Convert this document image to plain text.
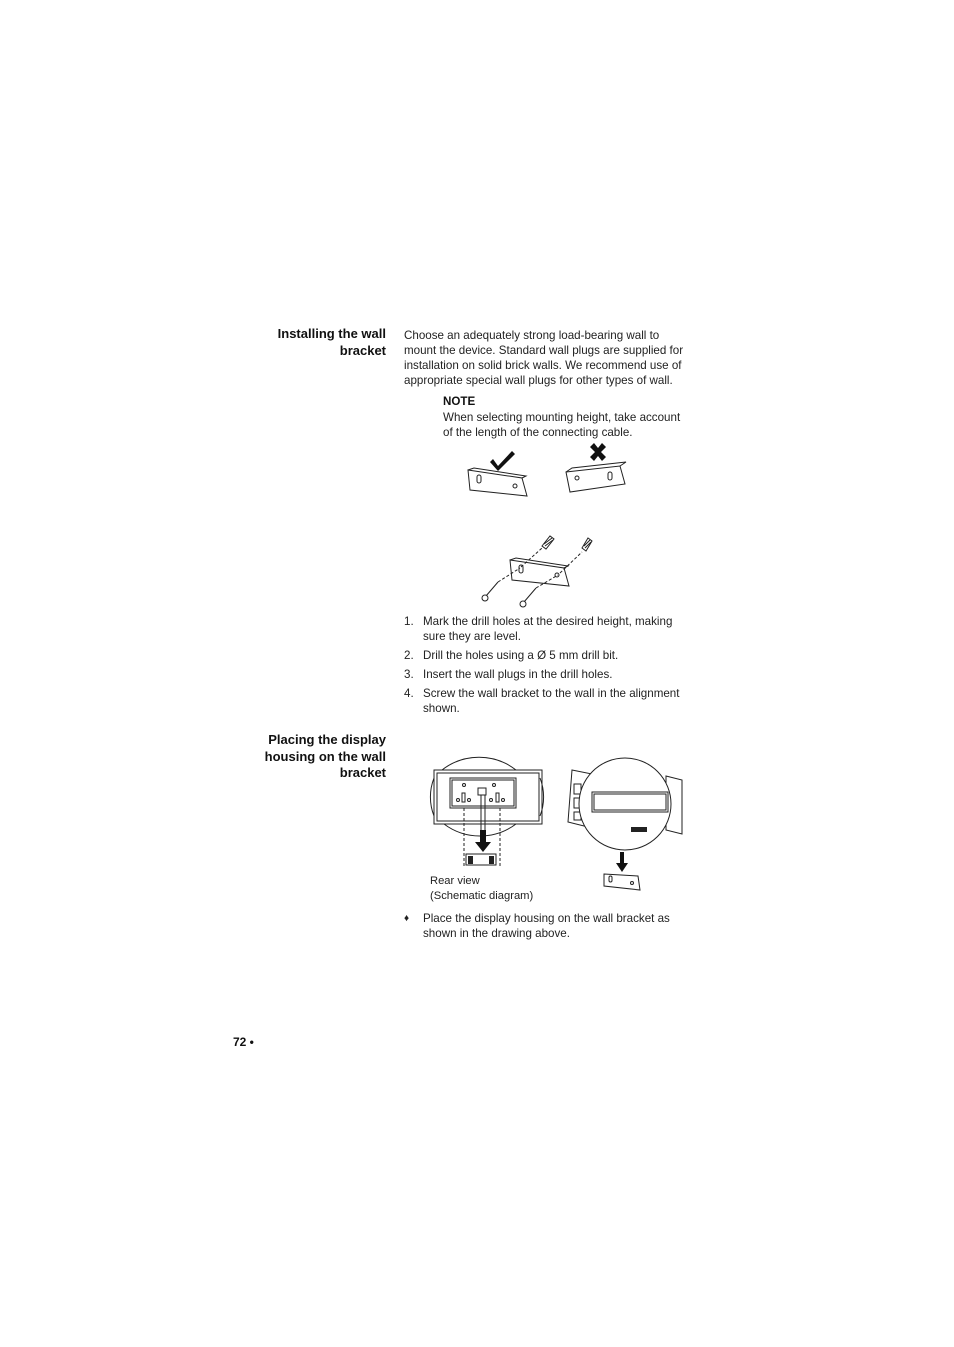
Installing the wall
bracket
Choose an adequately strong load-bearing wall to mount the device. Standard wall plugs are supplied for installation on solid brick walls. We recommend use of appropriate special wall plugs for other types of wall.
NOTE
When selecting mounting height, take account of the length of the connecting cable.
1. Mark the drill holes at the desired height, making sure they are level.
2. Drill the holes using a Ø 5 mm drill bit.
3. Insert the wall plugs in the drill holes.
4. Screw the wall bracket to the wall in the alignment shown.
Placing the display
housing on the wall
bracket
Rear view
(Schematic diagram)
♦	Place the display housing on the wall bracket as shown in the drawing above.
72 •
